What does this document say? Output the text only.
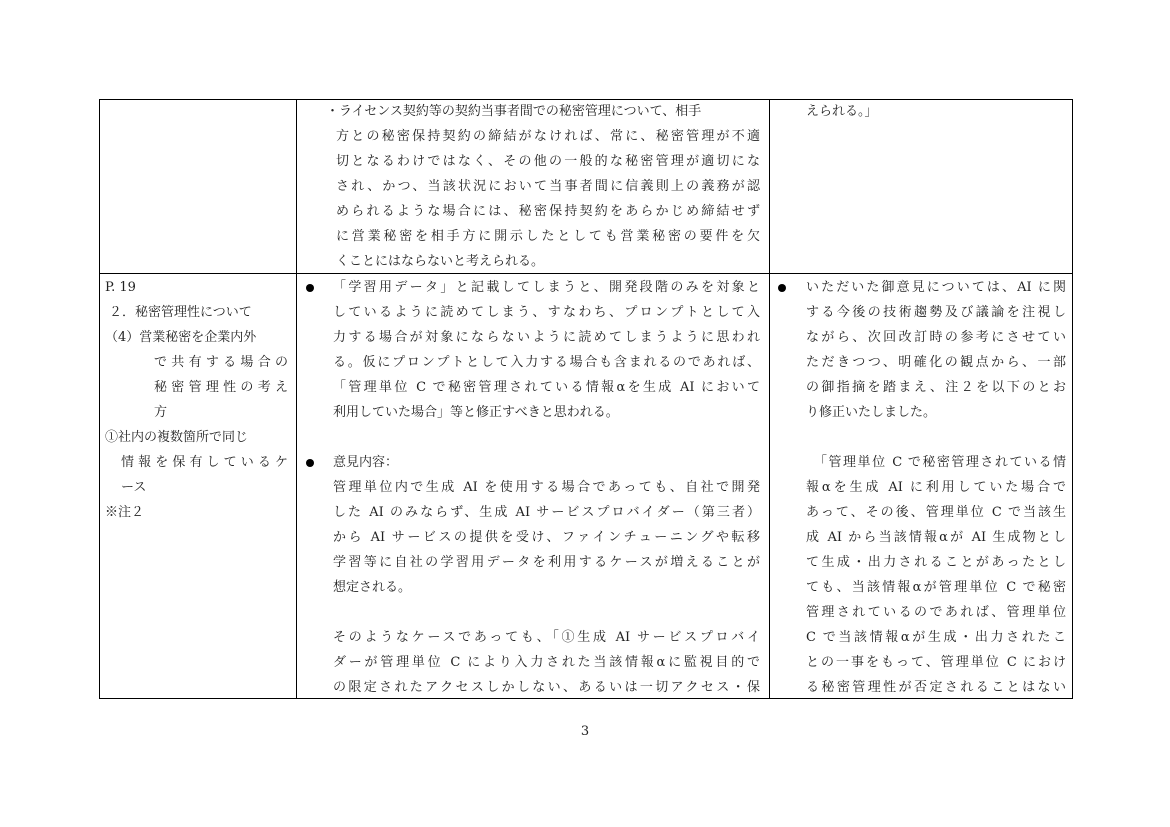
・ライセンス契約等の契約当事者間での秘密管理について、相手
方との秘密保持契約の締結がなければ、常に、秘密管理が不適
切となるわけではなく、その他の一般的な秘密管理が適切にな
され、かつ、当該状況において当事者間に信義則上の義務が認
められるような場合には、秘密保持契約をあらかじめ締結せず
に営業秘密を相手方に開示したとしても営業秘密の要件を欠
くことにはならないと考えられる。
えられる。」
P. 19
２．秘密管理性について
（4）営業秘密を企業内外
で共有する場合の
秘密管理性の考え
方
①社内の複数箇所で同じ
情報を保有しているケ
ース
※注２
「学習用データ」と記載してしまうと、開発段階のみを対象と
しているように読めてしまう、すなわち、プロンプトとして入
力する場合が対象にならないように読めてしまうように思われ
る。仮にプロンプトとして入力する場合も含まれるのであれば、
「管理単位 C で秘密管理されている情報αを生成 AI において
利用していた場合」等と修正すべきと思われる。
意見内容：
管理単位内で生成 AI を使用する場合であっても、自社で開発
した AI のみならず、生成 AI サービスプロバイダー（第三者）
から AI サービスの提供を受け、ファインチューニングや転移
学習等に自社の学習用データを利用するケースが増えることが
想定される。
そのようなケースであっても、「①生成 AI サービスプロバイ
ダーが管理単位 C により入力された当該情報αに監視目的で
の限定されたアクセスしかしない、あるいは一切アクセス・保
いただいた御意見については、AI に関
する今後の技術趨勢及び議論を注視し
ながら、次回改訂時の参考にさせてい
ただきつつ、明確化の観点から、一部
の御指摘を踏まえ、注２を以下のとお
り修正いたしました。
「管理単位 C で秘密管理されている情
報αを生成 AI に利用していた場合で
あって、その後、管理単位 C で当該生
成 AI から当該情報αが AI 生成物とし
て生成・出力されることがあったとし
ても、当該情報αが管理単位 C で秘密
管理されているのであれば、管理単位
C で当該情報αが生成・出力されたこ
との一事をもって、管理単位 C におけ
る秘密管理性が否定されることはない
3
